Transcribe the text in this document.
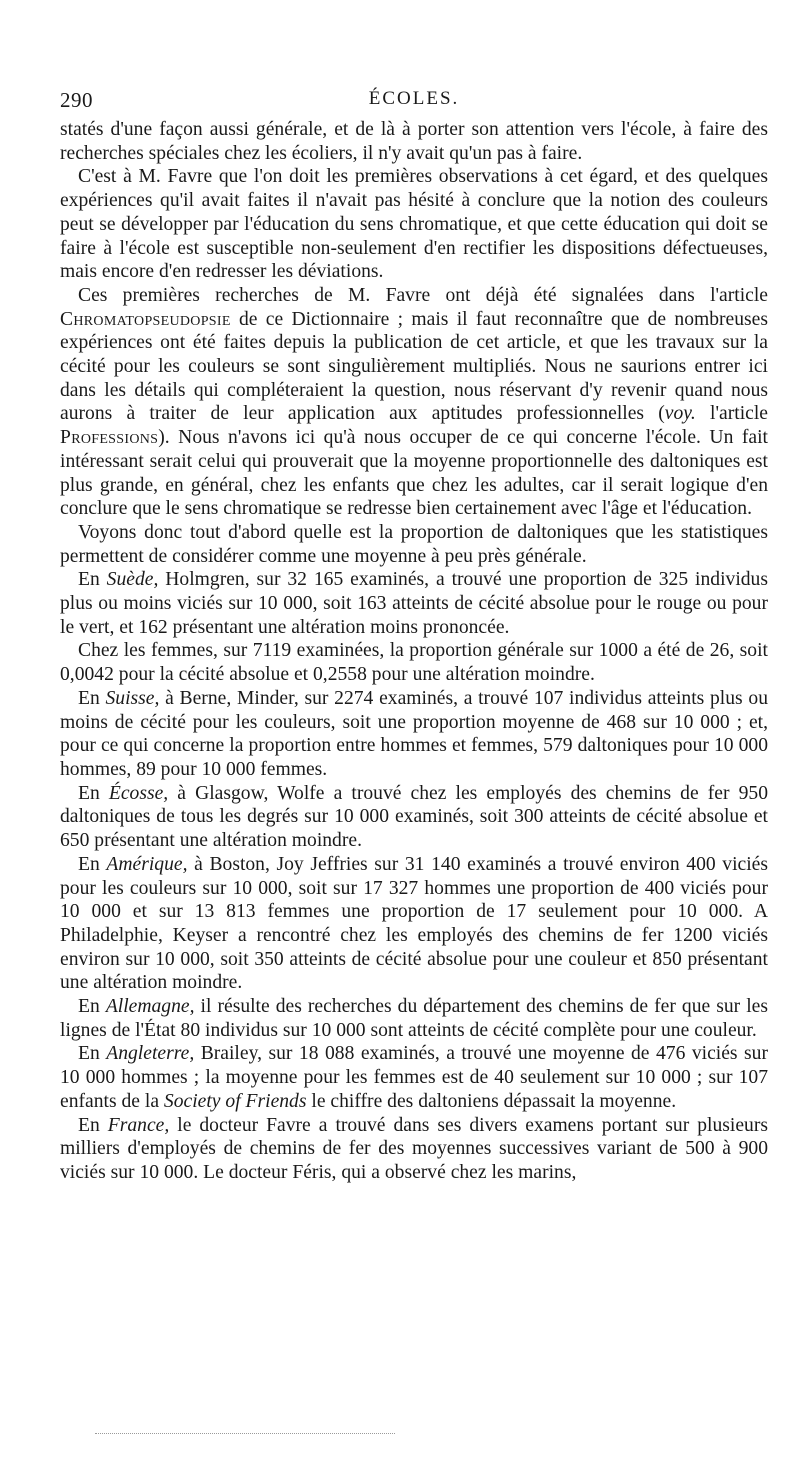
290	ÉCOLES.

statés d'une façon aussi générale, et de là à porter son attention vers l'école, à faire des recherches spéciales chez les écoliers, il n'y avait qu'un pas à faire.

C'est à M. Favre que l'on doit les premières observations à cet égard, et des quelques expériences qu'il avait faites il n'avait pas hésité à conclure que la notion des couleurs peut se développer par l'éducation du sens chromatique, et que cette éducation qui doit se faire à l'école est susceptible non-seulement d'en rectifier les dispositions défectueuses, mais encore d'en redresser les déviations.

Ces premières recherches de M. Favre ont déjà été signalées dans l'article Chromatopseudopsie de ce Dictionnaire ; mais il faut reconnaître que de nombreuses expériences ont été faites depuis la publication de cet article, et que les travaux sur la cécité pour les couleurs se sont singulièrement multipliés. Nous ne saurions entrer ici dans les détails qui compléteraient la question, nous réservant d'y revenir quand nous aurons à traiter de leur application aux aptitudes professionnelles (voy. l'article Professions). Nous n'avons ici qu'à nous occuper de ce qui concerne l'école. Un fait intéressant serait celui qui prouverait que la moyenne proportionnelle des daltoniques est plus grande, en général, chez les enfants que chez les adultes, car il serait logique d'en conclure que le sens chromatique se redresse bien certainement avec l'âge et l'éducation.

Voyons donc tout d'abord quelle est la proportion de daltoniques que les statistiques permettent de considérer comme une moyenne à peu près générale.

En Suède, Holmgren, sur 32 165 examinés, a trouvé une proportion de 325 individus plus ou moins viciés sur 10 000, soit 163 atteints de cécité absolue pour le rouge ou pour le vert, et 162 présentant une altération moins prononcée.

Chez les femmes, sur 7119 examinées, la proportion générale sur 1000 a été de 26, soit 0,0042 pour la cécité absolue et 0,2558 pour une altération moindre.

En Suisse, à Berne, Minder, sur 2274 examinés, a trouvé 107 individus atteints plus ou moins de cécité pour les couleurs, soit une proportion moyenne de 468 sur 10 000 ; et, pour ce qui concerne la proportion entre hommes et femmes, 579 daltoniques pour 10 000 hommes, 89 pour 10 000 femmes.

En Écosse, à Glasgow, Wolfe a trouvé chez les employés des chemins de fer 950 daltoniques de tous les degrés sur 10 000 examinés, soit 300 atteints de cécité absolue et 650 présentant une altération moindre.

En Amérique, à Boston, Joy Jeffries sur 31 140 examinés a trouvé environ 400 viciés pour les couleurs sur 10 000, soit sur 17 327 hommes une proportion de 400 viciés pour 10 000 et sur 13 813 femmes une proportion de 17 seulement pour 10 000. A Philadelphie, Keyser a rencontré chez les employés des chemins de fer 1200 viciés environ sur 10 000, soit 350 atteints de cécité absolue pour une couleur et 850 présentant une altération moindre.

En Allemagne, il résulte des recherches du département des chemins de fer que sur les lignes de l'État 80 individus sur 10 000 sont atteints de cécité complète pour une couleur.

En Angleterre, Brailey, sur 18 088 examinés, a trouvé une moyenne de 476 viciés sur 10 000 hommes ; la moyenne pour les femmes est de 40 seulement sur 10 000 ; sur 107 enfants de la Society of Friends le chiffre des daltoniens dépassait la moyenne.

En France, le docteur Favre a trouvé dans ses divers examens portant sur plusieurs milliers d'employés de chemins de fer des moyennes successives variant de 500 à 900 viciés sur 10 000. Le docteur Féris, qui a observé chez les marins,
